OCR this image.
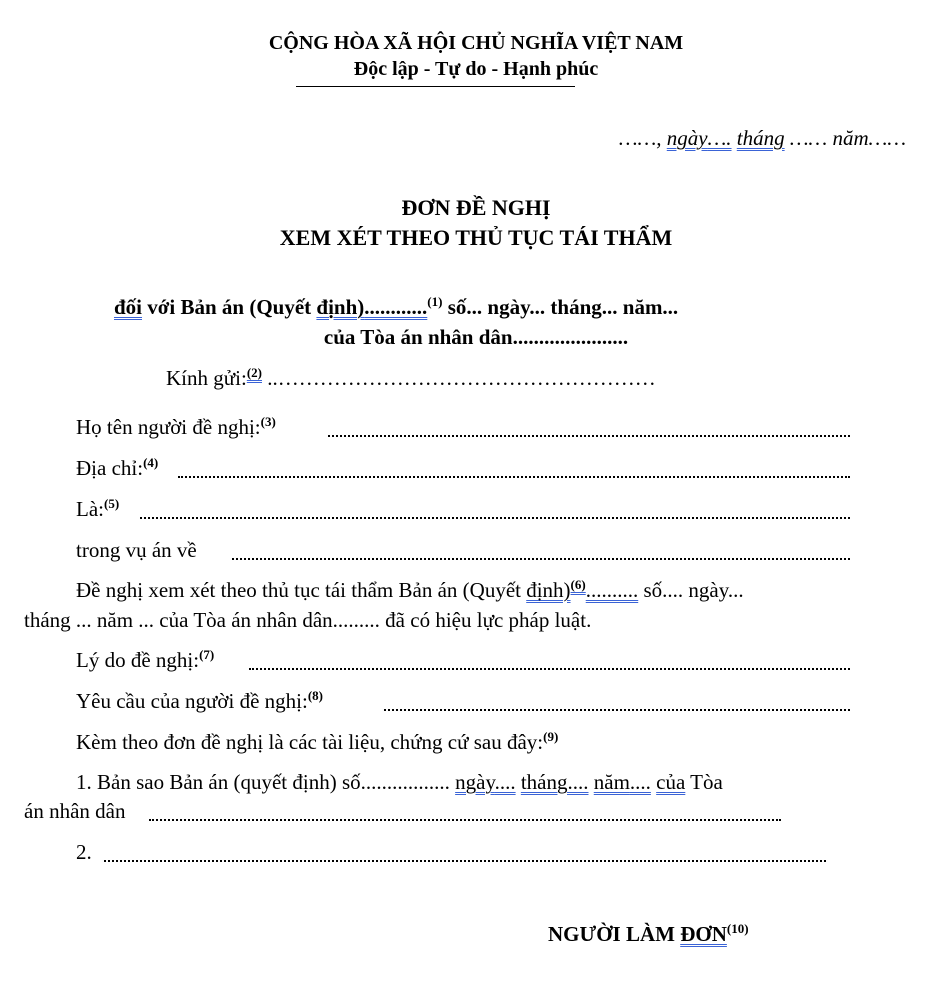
CỘNG HÒA XÃ HỘI CHỦ NGHĨA VIỆT NAM
Độc lập - Tự do - Hạnh phúc
……, ngày…. tháng …… năm……
ĐƠN ĐỀ NGHỊ
XEM XÉT THEO THỦ TỤC TÁI THẨM
đối với Bản án (Quyết định)............$^{(1)}$ số... ngày... tháng... năm...
của Tòa án nhân dân......................
Kính gửi:$^{(2)}$ ..………………………………………………
Họ tên người đề nghị:$^{(3)}$
Địa chỉ:$^{(4)}$
Là:$^{(5)}$
trong vụ án về
Đề nghị xem xét theo thủ tục tái thẩm Bản án (Quyết định)$^{(6)}$.......... số.... ngày...
tháng ... năm ... của Tòa án nhân dân......... đã có hiệu lực pháp luật.
Lý do đề nghị:$^{(7)}$
Yêu cầu của người đề nghị:$^{(8)}$
Kèm theo đơn đề nghị là các tài liệu, chứng cứ sau đây:$^{(9)}$
1. Bản sao Bản án (quyết định) số................. ngày.... tháng.... năm.... của Tòa
án nhân dân
2.
NGƯỜI LÀM ĐƠN$^{(10)}$
